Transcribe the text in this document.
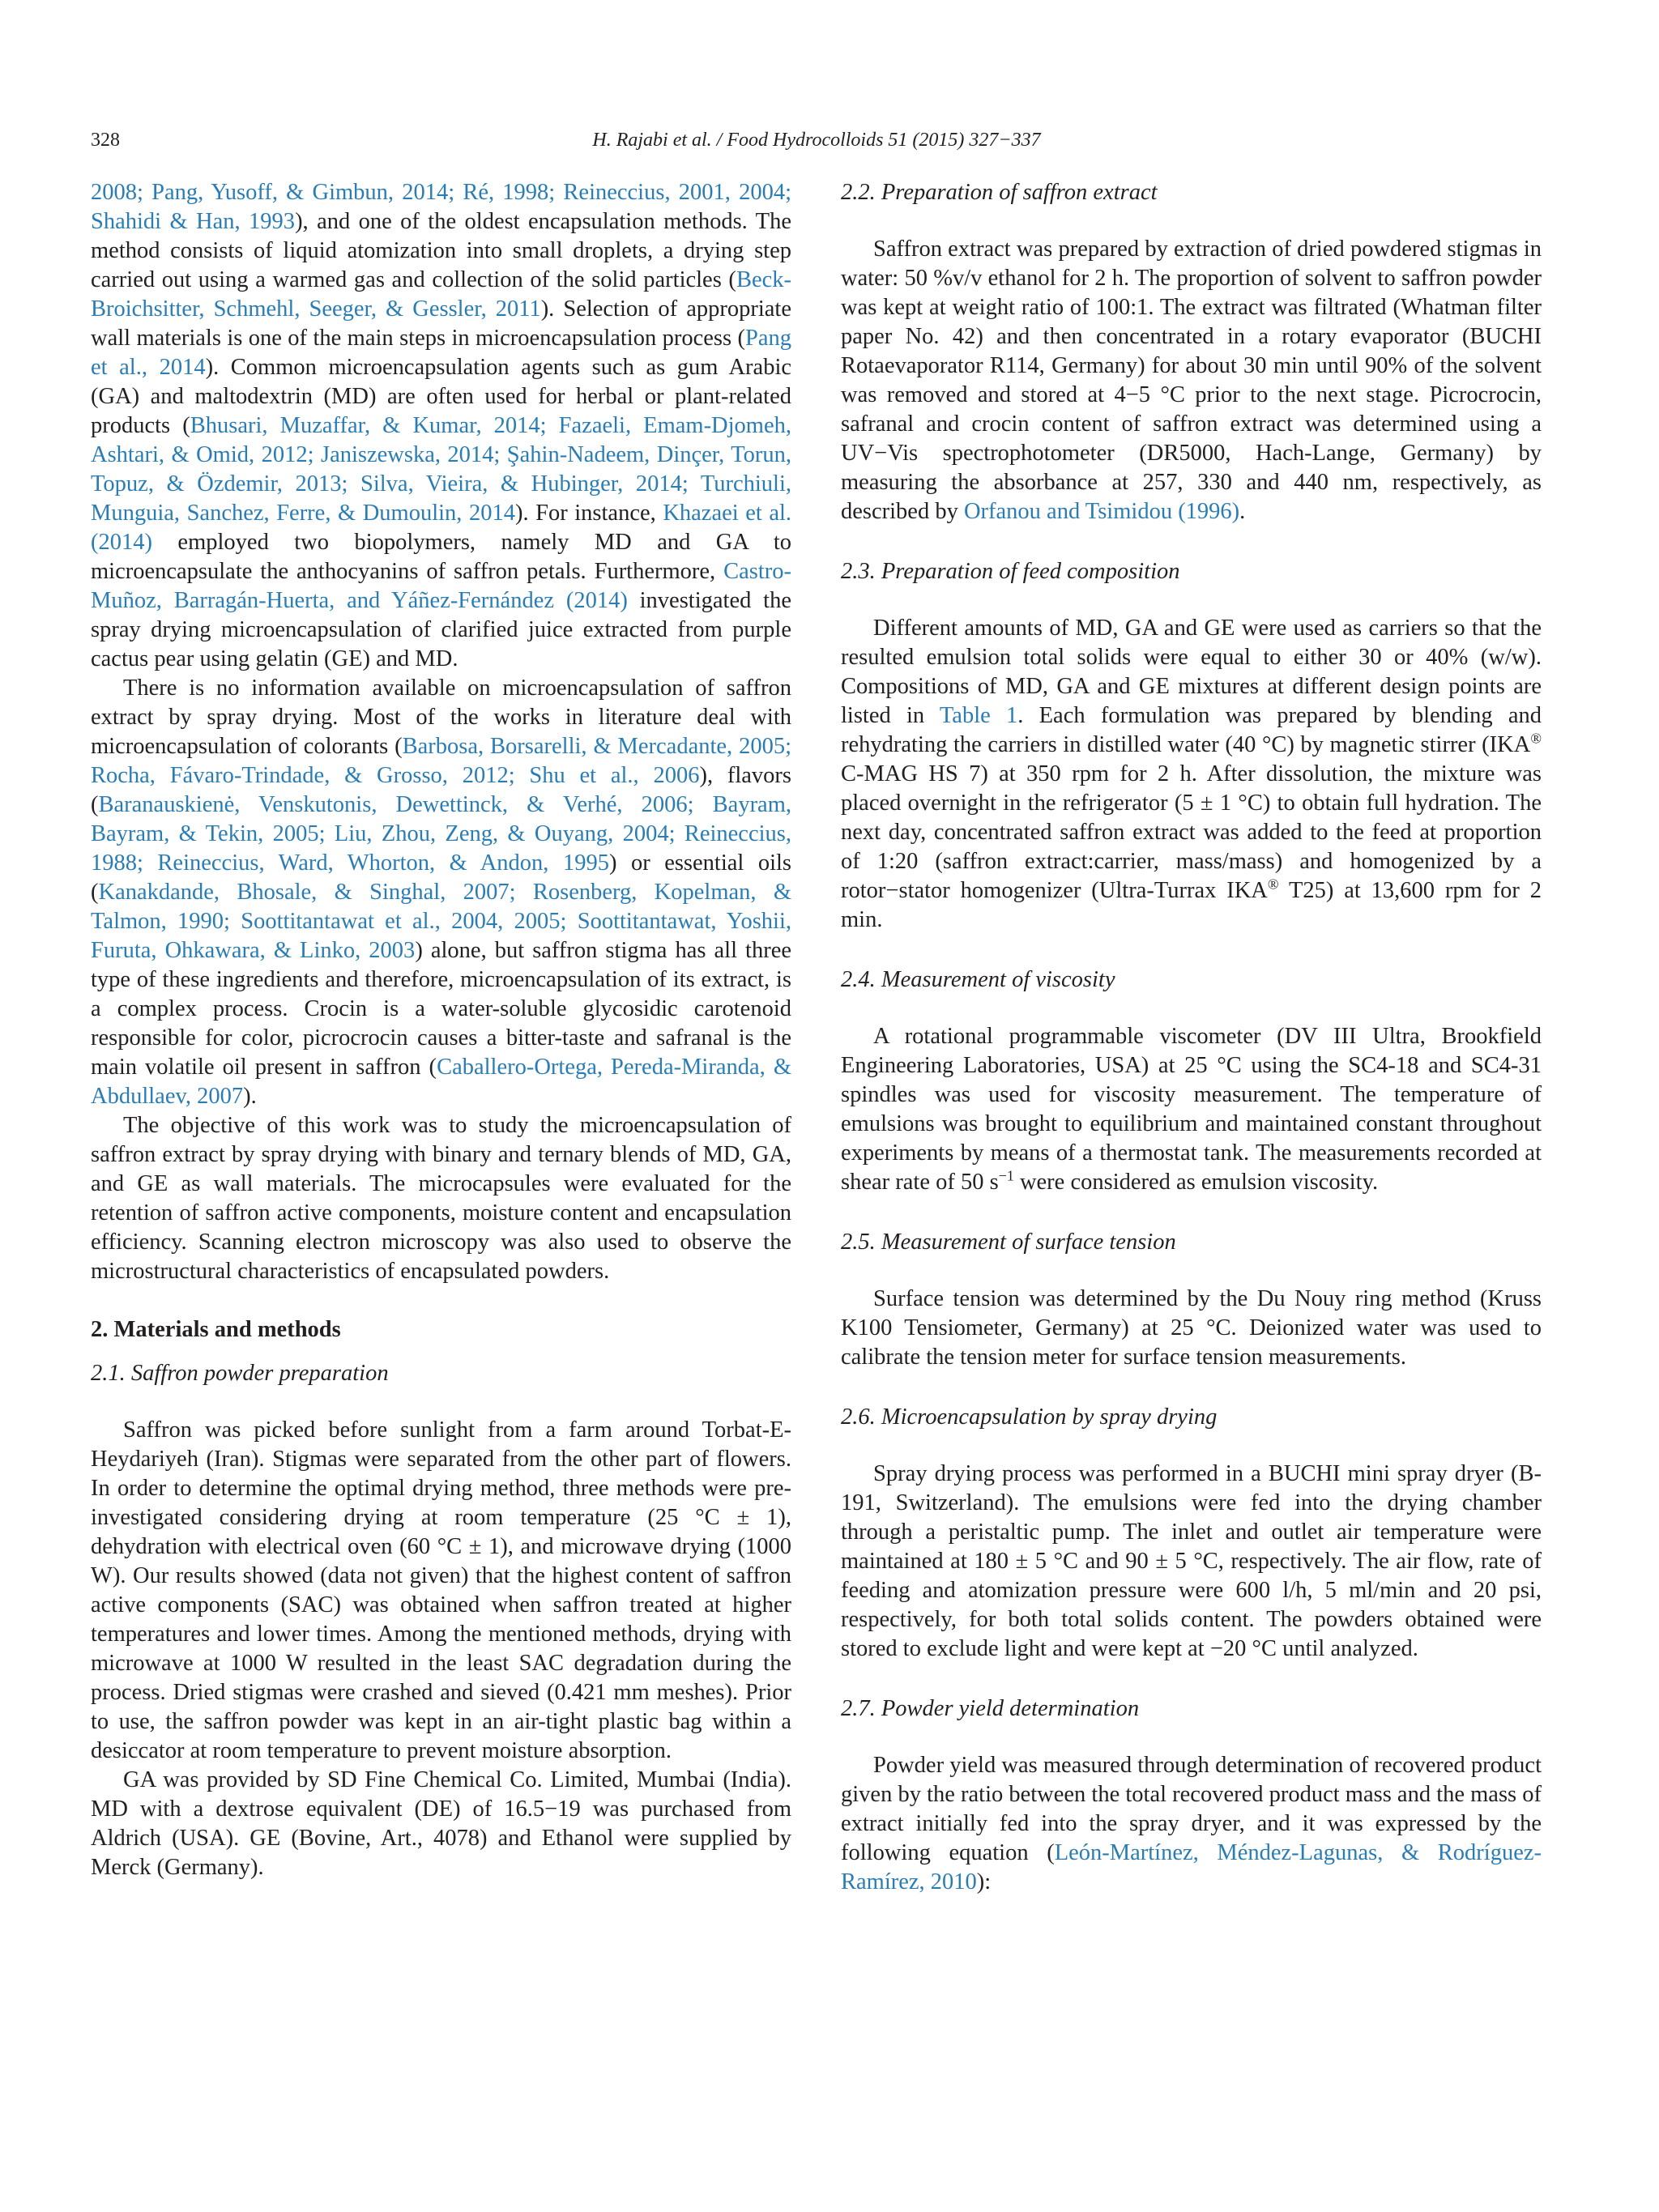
328	H. Rajabi et al. / Food Hydrocolloids 51 (2015) 327−337

2008; Pang, Yusoff, & Gimbun, 2014; Ré, 1998; Reineccius, 2001, 2004; Shahidi & Han, 1993), and one of the oldest encapsulation methods. The method consists of liquid atomization into small droplets, a drying step carried out using a warmed gas and collection of the solid particles (Beck-Broichsitter, Schmehl, Seeger, & Gessler, 2011). Selection of appropriate wall materials is one of the main steps in microencapsulation process (Pang et al., 2014). Common microencapsulation agents such as gum Arabic (GA) and maltodextrin (MD) are often used for herbal or plant-related products (Bhusari, Muzaffar, & Kumar, 2014; Fazaeli, Emam-Djomeh, Ashtari, & Omid, 2012; Janiszewska, 2014; Şahin-Nadeem, Dinçer, Torun, Topuz, & Özdemir, 2013; Silva, Vieira, & Hubinger, 2014; Turchiuli, Munguia, Sanchez, Ferre, & Dumoulin, 2014). For instance, Khazaei et al. (2014) employed two biopolymers, namely MD and GA to microencapsulate the anthocyanins of saffron petals. Furthermore, Castro-Muñoz, Barragán-Huerta, and Yáñez-Fernández (2014) investigated the spray drying microencapsulation of clarified juice extracted from purple cactus pear using gelatin (GE) and MD.

There is no information available on microencapsulation of saffron extract by spray drying. Most of the works in literature deal with microencapsulation of colorants (Barbosa, Borsarelli, & Mercadante, 2005; Rocha, Fávaro-Trindade, & Grosso, 2012; Shu et al., 2006), flavors (Baranauskienė, Venskutonis, Dewettinck, & Verhé, 2006; Bayram, Bayram, & Tekin, 2005; Liu, Zhou, Zeng, & Ouyang, 2004; Reineccius, 1988; Reineccius, Ward, Whorton, & Andon, 1995) or essential oils (Kanakdande, Bhosale, & Singhal, 2007; Rosenberg, Kopelman, & Talmon, 1990; Soottitantawat et al., 2004, 2005; Soottitantawat, Yoshii, Furuta, Ohkawara, & Linko, 2003) alone, but saffron stigma has all three type of these ingredients and therefore, microencapsulation of its extract, is a complex process. Crocin is a water-soluble glycosidic carotenoid responsible for color, picrocrocin causes a bitter-taste and safranal is the main volatile oil present in saffron (Caballero-Ortega, Pereda-Miranda, & Abdullaev, 2007).

The objective of this work was to study the microencapsulation of saffron extract by spray drying with binary and ternary blends of MD, GA, and GE as wall materials. The microcapsules were evaluated for the retention of saffron active components, moisture content and encapsulation efficiency. Scanning electron microscopy was also used to observe the microstructural characteristics of encapsulated powders.

2. Materials and methods
2.1. Saffron powder preparation

Saffron was picked before sunlight from a farm around Torbat-E-Heydariyeh (Iran). Stigmas were separated from the other part of flowers. In order to determine the optimal drying method, three methods were pre-investigated considering drying at room temperature (25 °C ± 1), dehydration with electrical oven (60 °C ± 1), and microwave drying (1000 W). Our results showed (data not given) that the highest content of saffron active components (SAC) was obtained when saffron treated at higher temperatures and lower times. Among the mentioned methods, drying with microwave at 1000 W resulted in the least SAC degradation during the process. Dried stigmas were crashed and sieved (0.421 mm meshes). Prior to use, the saffron powder was kept in an air-tight plastic bag within a desiccator at room temperature to prevent moisture absorption.

GA was provided by SD Fine Chemical Co. Limited, Mumbai (India). MD with a dextrose equivalent (DE) of 16.5−19 was purchased from Aldrich (USA). GE (Bovine, Art., 4078) and Ethanol were supplied by Merck (Germany).

2.2. Preparation of saffron extract

Saffron extract was prepared by extraction of dried powdered stigmas in water: 50 %v/v ethanol for 2 h. The proportion of solvent to saffron powder was kept at weight ratio of 100:1. The extract was filtrated (Whatman filter paper No. 42) and then concentrated in a rotary evaporator (BUCHI Rotaevaporator R114, Germany) for about 30 min until 90% of the solvent was removed and stored at 4−5 °C prior to the next stage. Picrocrocin, safranal and crocin content of saffron extract was determined using a UV−Vis spectrophotometer (DR5000, Hach-Lange, Germany) by measuring the absorbance at 257, 330 and 440 nm, respectively, as described by Orfanou and Tsimidou (1996).

2.3. Preparation of feed composition

Different amounts of MD, GA and GE were used as carriers so that the resulted emulsion total solids were equal to either 30 or 40% (w/w). Compositions of MD, GA and GE mixtures at different design points are listed in Table 1. Each formulation was prepared by blending and rehydrating the carriers in distilled water (40 °C) by magnetic stirrer (IKA® C-MAG HS 7) at 350 rpm for 2 h. After dissolution, the mixture was placed overnight in the refrigerator (5 ± 1 °C) to obtain full hydration. The next day, concentrated saffron extract was added to the feed at proportion of 1:20 (saffron extract:carrier, mass/mass) and homogenized by a rotor−stator homogenizer (Ultra-Turrax IKA® T25) at 13,600 rpm for 2 min.

2.4. Measurement of viscosity

A rotational programmable viscometer (DV III Ultra, Brookfield Engineering Laboratories, USA) at 25 °C using the SC4-18 and SC4-31 spindles was used for viscosity measurement. The temperature of emulsions was brought to equilibrium and maintained constant throughout experiments by means of a thermostat tank. The measurements recorded at shear rate of 50 $s^{-1}$ were considered as emulsion viscosity.

2.5. Measurement of surface tension

Surface tension was determined by the Du Nouy ring method (Kruss K100 Tensiometer, Germany) at 25 °C. Deionized water was used to calibrate the tension meter for surface tension measurements.

2.6. Microencapsulation by spray drying

Spray drying process was performed in a BUCHI mini spray dryer (B-191, Switzerland). The emulsions were fed into the drying chamber through a peristaltic pump. The inlet and outlet air temperature were maintained at 180 ± 5 °C and 90 ± 5 °C, respectively. The air flow, rate of feeding and atomization pressure were 600 l/h, 5 ml/min and 20 psi, respectively, for both total solids content. The powders obtained were stored to exclude light and were kept at −20 °C until analyzed.

2.7. Powder yield determination

Powder yield was measured through determination of recovered product given by the ratio between the total recovered product mass and the mass of extract initially fed into the spray dryer, and it was expressed by the following equation (León-Martínez, Méndez-Lagunas, & Rodríguez-Ramírez, 2010):
